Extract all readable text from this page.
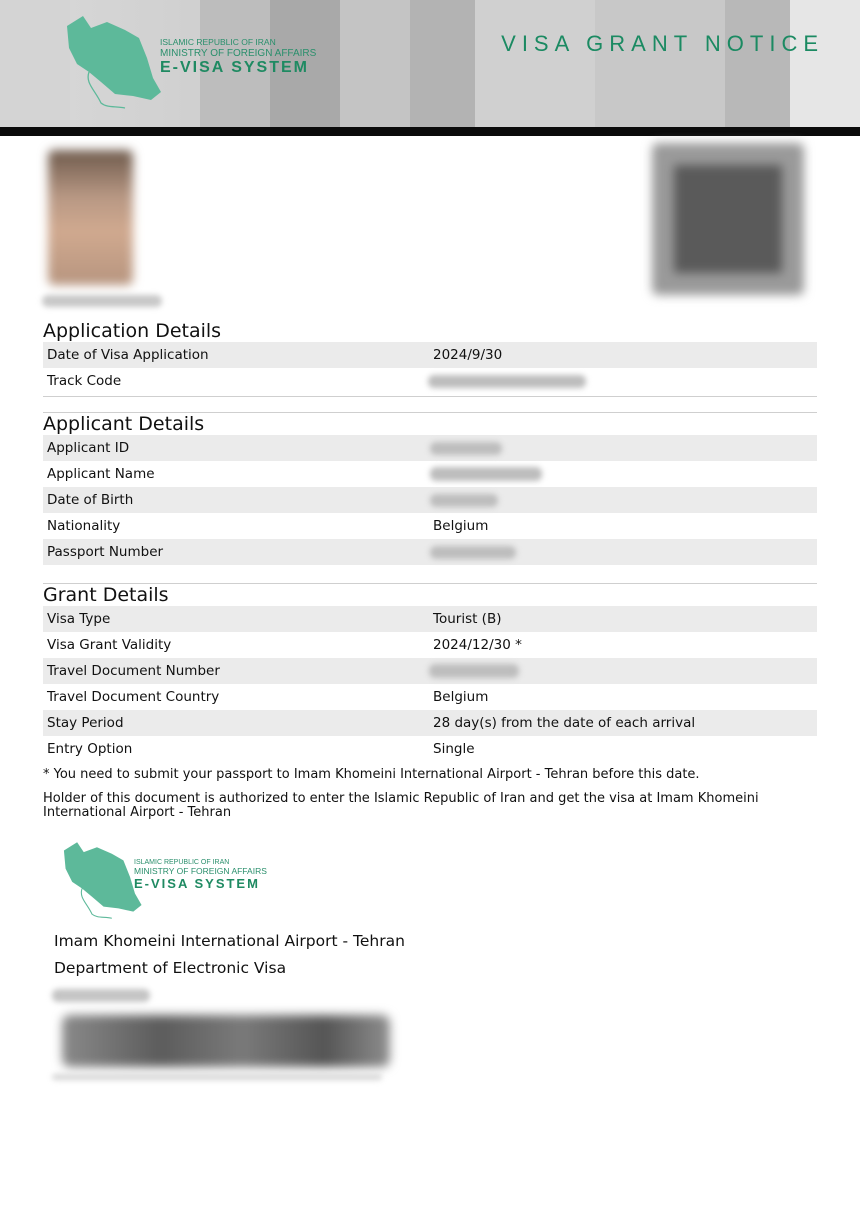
ISLAMIC REPUBLIC OF IRAN
MINISTRY OF FOREIGN AFFAIRS
E-VISA SYSTEM
VISA GRANT NOTICE
Application Details
Date of Visa Application	2024/9/30
Track Code
Applicant Details
Applicant ID
Applicant Name
Date of Birth
Nationality	Belgium
Passport Number
Grant Details
Visa Type	Tourist (B)
Visa Grant Validity	2024/12/30 *
Travel Document Number
Travel Document Country	Belgium
Stay Period	28 day(s) from the date of each arrival
Entry Option	Single
* You need to submit your passport to Imam Khomeini International Airport - Tehran before this date.
Holder of this document is authorized to enter the Islamic Republic of Iran and get the visa at Imam Khomeini International Airport - Tehran
ISLAMIC REPUBLIC OF IRAN
MINISTRY OF FOREIGN AFFAIRS
E-VISA SYSTEM
Imam Khomeini International Airport - Tehran
Department of Electronic Visa
